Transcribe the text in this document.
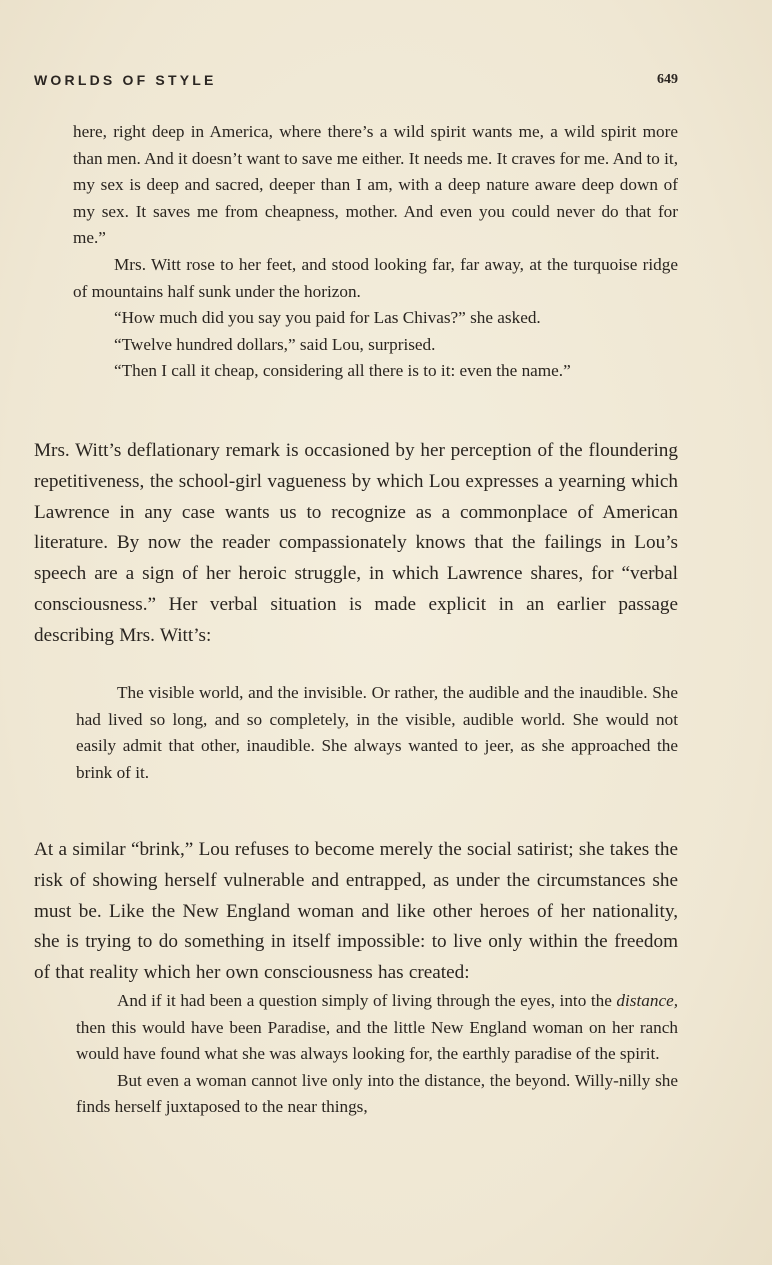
WORLDS OF STYLE	649

here, right deep in America, where there’s a wild spirit wants me, a wild spirit more than men. And it doesn’t want to save me either. It needs me. It craves for me. And to it, my sex is deep and sacred, deeper than I am, with a deep nature aware deep down of my sex. It saves me from cheapness, mother. And even you could never do that for me.”

Mrs. Witt rose to her feet, and stood looking far, far away, at the turquoise ridge of mountains half sunk under the horizon.

“How much did you say you paid for Las Chivas?” she asked.

“Twelve hundred dollars,” said Lou, surprised.

“Then I call it cheap, considering all there is to it: even the name.”

Mrs. Witt’s deflationary remark is occasioned by her perception of the floundering repetitiveness, the school-girl vagueness by which Lou expresses a yearning which Lawrence in any case wants us to recognize as a commonplace of American literature. By now the reader compassionately knows that the failings in Lou’s speech are a sign of her heroic struggle, in which Lawrence shares, for “verbal consciousness.” Her verbal situation is made explicit in an earlier passage describing Mrs. Witt’s:

The visible world, and the invisible. Or rather, the audible and the inaudible. She had lived so long, and so completely, in the visible, audible world. She would not easily admit that other, inaudible. She always wanted to jeer, as she approached the brink of it.

At a similar “brink,” Lou refuses to become merely the social satirist; she takes the risk of showing herself vulnerable and entrapped, as under the circumstances she must be. Like the New England woman and like other heroes of her nationality, she is trying to do something in itself impossible: to live only within the freedom of that reality which her own consciousness has created:

And if it had been a question simply of living through the eyes, into the distance, then this would have been Paradise, and the little New England woman on her ranch would have found what she was always looking for, the earthly paradise of the spirit.

But even a woman cannot live only into the distance, the beyond. Willy-nilly she finds herself juxtaposed to the near things,
